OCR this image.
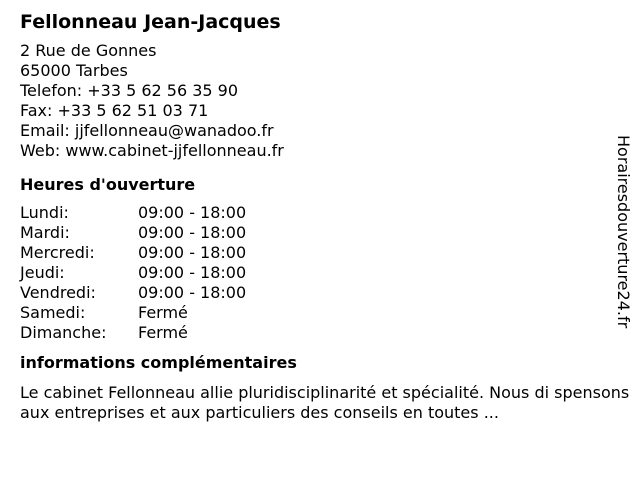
Fellonneau Jean-Jacques
2 Rue de Gonnes
65000 Tarbes
Telefon: +33 5 62 56 35 90
Fax: +33 5 62 51 03 71
Email: jjfellonneau@wanadoo.fr
Web: www.cabinet-jjfellonneau.fr
Heures d'ouverture
Lundi:	09:00 - 18:00
Mardi:	09:00 - 18:00
Mercredi:	09:00 - 18:00
Jeudi:	09:00 - 18:00
Vendredi:	09:00 - 18:00
Samedi:	Fermé
Dimanche:	Fermé
informations complémentaires
Le cabinet Fellonneau allie pluridisciplinarité et spécialité. Nous di spensons aux entreprises et aux particuliers des conseils en toutes ...
Horairesdouverture24.fr
